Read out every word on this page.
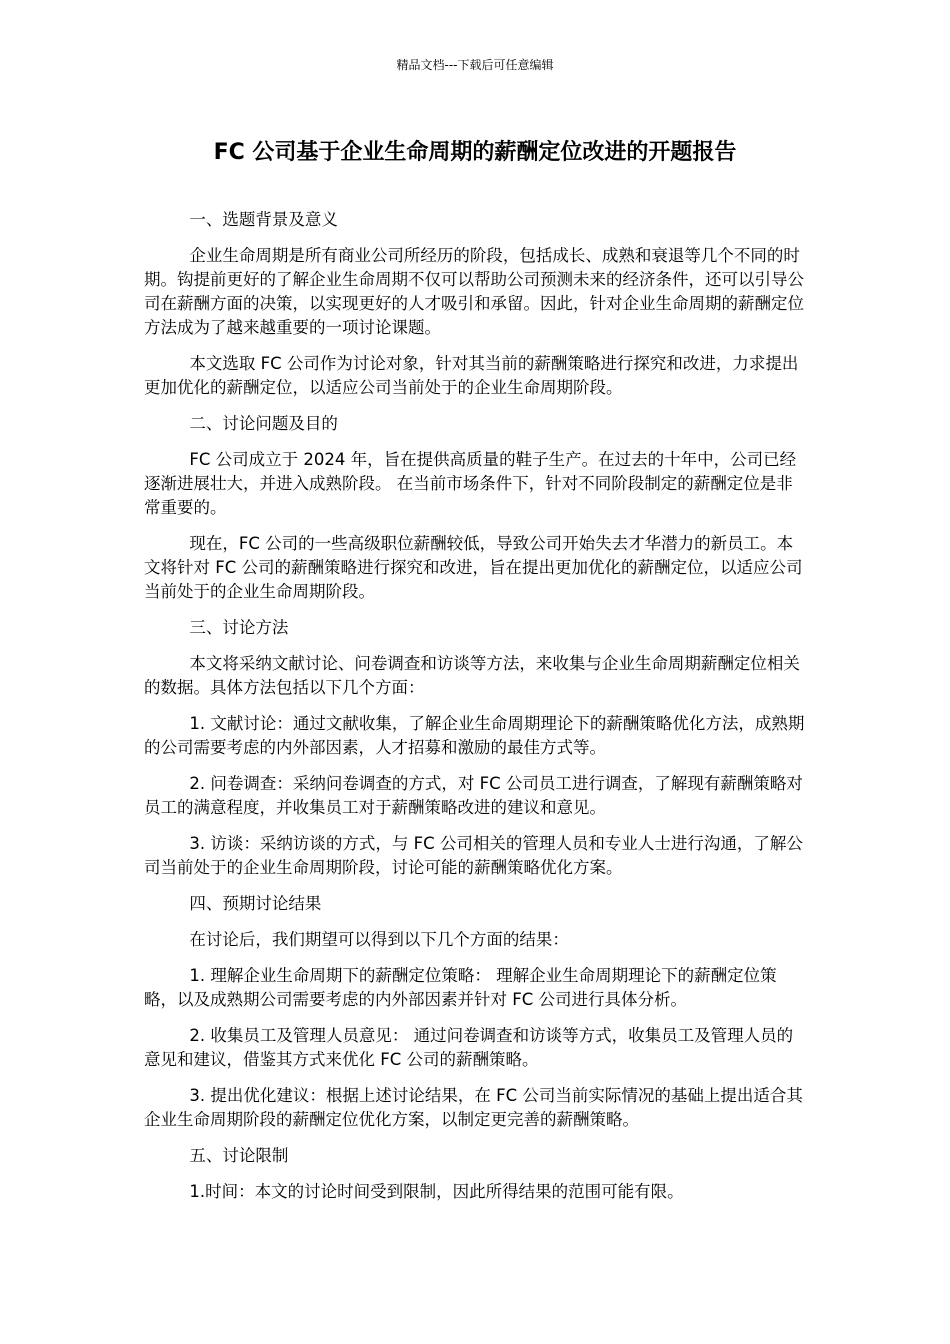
精品文档---下载后可任意编辑
FC 公司基于企业生命周期的薪酬定位改进的开题报告

一、选题背景及意义

企业生命周期是所有商业公司所经历的阶段，包括成长、成熟和衰退等几个不同的时期。钩提前更好的了解企业生命周期不仅可以帮助公司预测未来的经济条件，还可以引导公司在薪酬方面的决策，以实现更好的人才吸引和承留。因此，针对企业生命周期的薪酬定位方法成为了越来越重要的一项讨论课题。

本文选取 FC 公司作为讨论对象，针对其当前的薪酬策略进行探究和改进，力求提出更加优化的薪酬定位，以适应公司当前处于的企业生命周期阶段。

二、讨论问题及目的

FC 公司成立于 2024 年，旨在提供高质量的鞋子生产。在过去的十年中，公司已经逐渐进展壮大，并进入成熟阶段。 在当前市场条件下，针对不同阶段制定的薪酬定位是非常重要的。

现在，FC 公司的一些高级职位薪酬较低，导致公司开始失去才华潜力的新员工。本文将针对 FC 公司的薪酬策略进行探究和改进，旨在提出更加优化的薪酬定位，以适应公司当前处于的企业生命周期阶段。

三、讨论方法

本文将采纳文献讨论、问卷调查和访谈等方法，来收集与企业生命周期薪酬定位相关的数据。具体方法包括以下几个方面：

1. 文献讨论：通过文献收集，了解企业生命周期理论下的薪酬策略优化方法，成熟期的公司需要考虑的内外部因素，人才招募和激励的最佳方式等。

2. 问卷调查：采纳问卷调查的方式，对 FC 公司员工进行调查，了解现有薪酬策略对员工的满意程度，并收集员工对于薪酬策略改进的建议和意见。

3. 访谈：采纳访谈的方式，与 FC 公司相关的管理人员和专业人士进行沟通，了解公司当前处于的企业生命周期阶段，讨论可能的薪酬策略优化方案。

四、预期讨论结果

在讨论后，我们期望可以得到以下几个方面的结果：

1. 理解企业生命周期下的薪酬定位策略： 理解企业生命周期理论下的薪酬定位策略，以及成熟期公司需要考虑的内外部因素并针对 FC 公司进行具体分析。

2. 收集员工及管理人员意见： 通过问卷调查和访谈等方式，收集员工及管理人员的意见和建议，借鉴其方式来优化 FC 公司的薪酬策略。

3. 提出优化建议：根据上述讨论结果，在 FC 公司当前实际情况的基础上提出适合其企业生命周期阶段的薪酬定位优化方案，以制定更完善的薪酬策略。

五、讨论限制

1.时间：本文的讨论时间受到限制，因此所得结果的范围可能有限。
